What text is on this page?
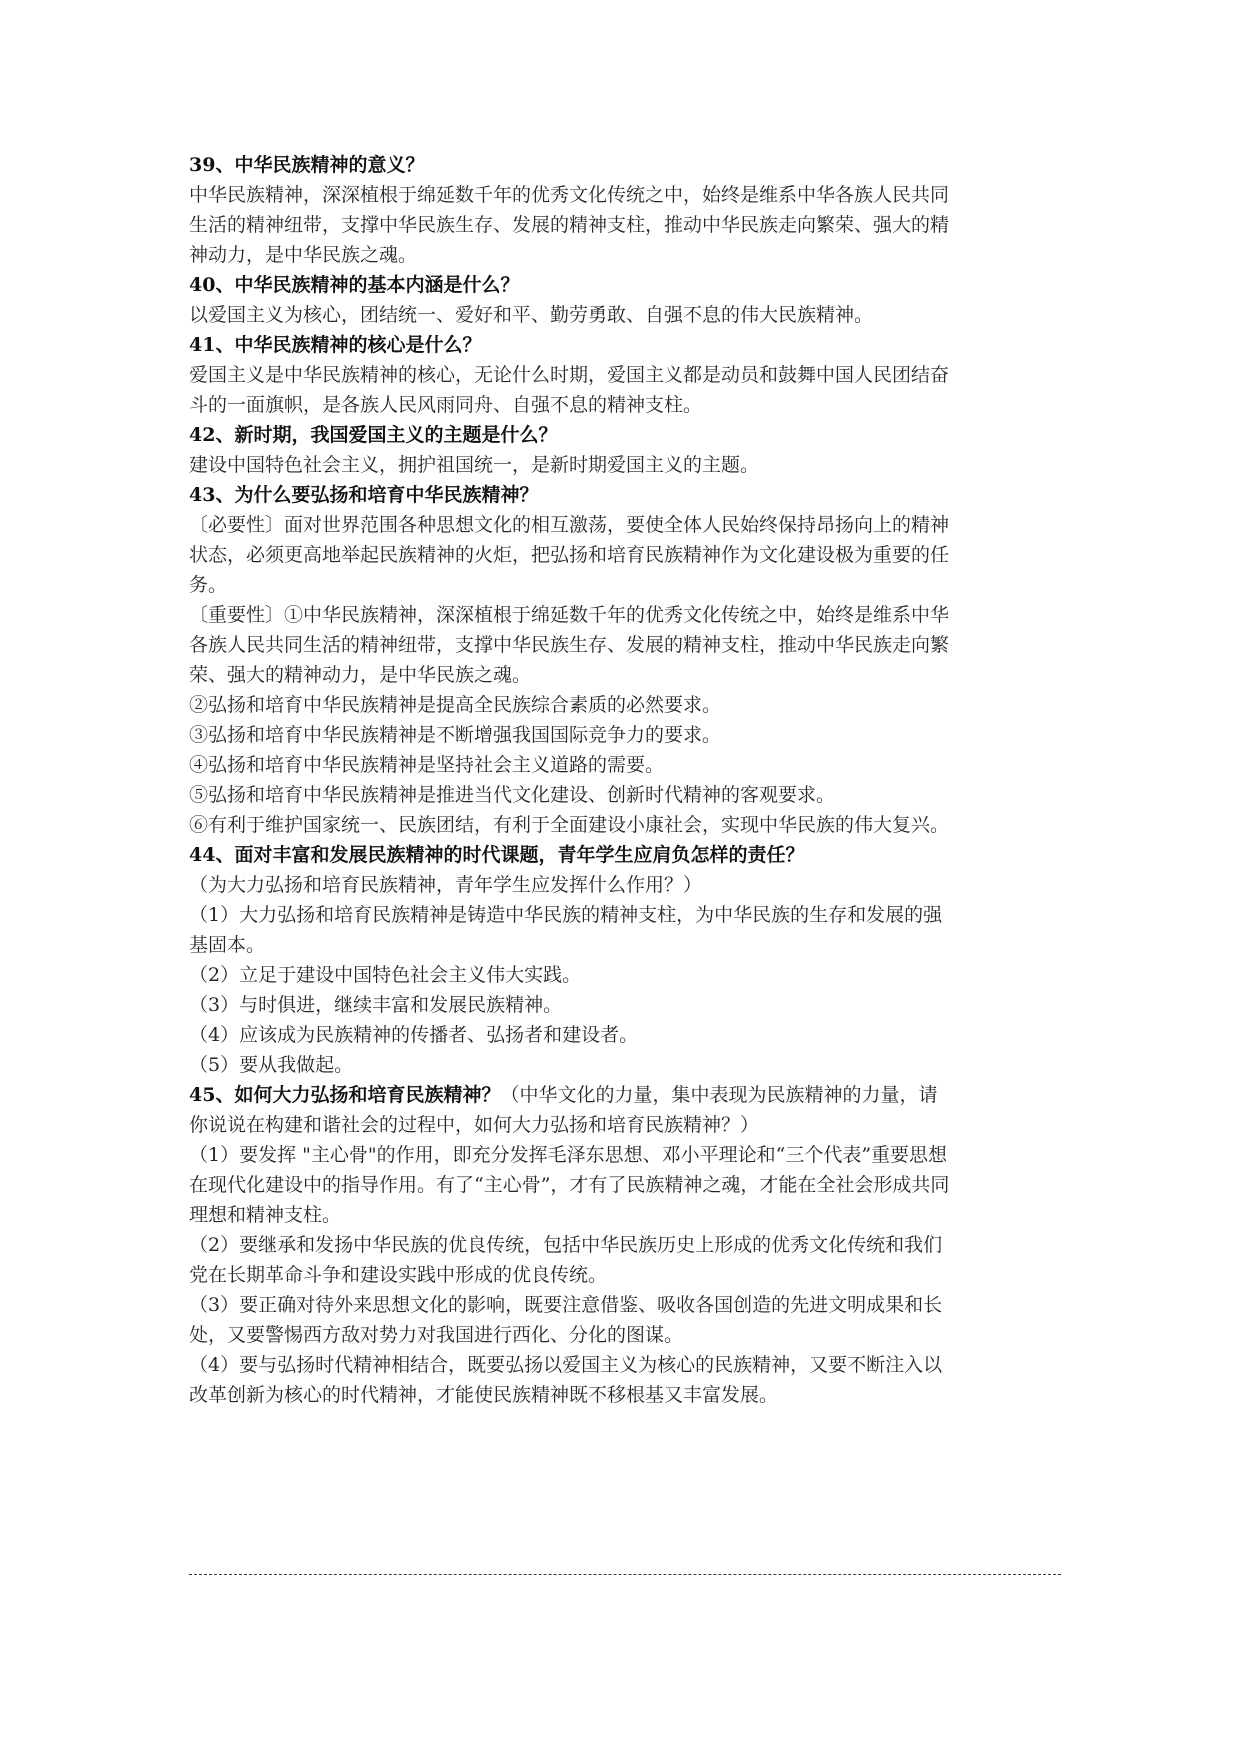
39、中华民族精神的意义？
中华民族精神，深深植根于绵延数千年的优秀文化传统之中，始终是维系中华各族人民共同
生活的精神纽带，支撑中华民族生存、发展的精神支柱，推动中华民族走向繁荣、强大的精
神动力，是中华民族之魂。
40、中华民族精神的基本内涵是什么？
以爱国主义为核心，团结统一、爱好和平、勤劳勇敢、自强不息的伟大民族精神。
41、中华民族精神的核心是什么？
爱国主义是中华民族精神的核心，无论什么时期，爱国主义都是动员和鼓舞中国人民团结奋
斗的一面旗帜，是各族人民风雨同舟、自强不息的精神支柱。
42、新时期，我国爱国主义的主题是什么？
建设中国特色社会主义，拥护祖国统一，是新时期爱国主义的主题。
43、为什么要弘扬和培育中华民族精神？
〔必要性〕面对世界范围各种思想文化的相互激荡，要使全体人民始终保持昂扬向上的精神
状态，必须更高地举起民族精神的火炬，把弘扬和培育民族精神作为文化建设极为重要的任
务。
〔重要性〕①中华民族精神，深深植根于绵延数千年的优秀文化传统之中，始终是维系中华
各族人民共同生活的精神纽带，支撑中华民族生存、发展的精神支柱，推动中华民族走向繁
荣、强大的精神动力，是中华民族之魂。
②弘扬和培育中华民族精神是提高全民族综合素质的必然要求。
③弘扬和培育中华民族精神是不断增强我国国际竞争力的要求。
④弘扬和培育中华民族精神是坚持社会主义道路的需要。
⑤弘扬和培育中华民族精神是推进当代文化建设、创新时代精神的客观要求。
⑥有利于维护国家统一、民族团结，有利于全面建设小康社会，实现中华民族的伟大复兴。
44、面对丰富和发展民族精神的时代课题，青年学生应肩负怎样的责任？
（为大力弘扬和培育民族精神，青年学生应发挥什么作用？）
（1）大力弘扬和培育民族精神是铸造中华民族的精神支柱，为中华民族的生存和发展的强
基固本。
（2）立足于建设中国特色社会主义伟大实践。
（3）与时俱进，继续丰富和发展民族精神。
（4）应该成为民族精神的传播者、弘扬者和建设者。
（5）要从我做起。
45、如何大力弘扬和培育民族精神？（中华文化的力量，集中表现为民族精神的力量，请
你说说在构建和谐社会的过程中，如何大力弘扬和培育民族精神？）
（1）要发挥 "主心骨"的作用，即充分发挥毛泽东思想、邓小平理论和“三个代表”重要思想
在现代化建设中的指导作用。有了“主心骨”，才有了民族精神之魂，才能在全社会形成共同
理想和精神支柱。
（2）要继承和发扬中华民族的优良传统，包括中华民族历史上形成的优秀文化传统和我们
党在长期革命斗争和建设实践中形成的优良传统。
（3）要正确对待外来思想文化的影响，既要注意借鉴、吸收各国创造的先进文明成果和长
处，又要警惕西方敌对势力对我国进行西化、分化的图谋。
（4）要与弘扬时代精神相结合，既要弘扬以爱国主义为核心的民族精神，又要不断注入以
改革创新为核心的时代精神，才能使民族精神既不移根基又丰富发展。
